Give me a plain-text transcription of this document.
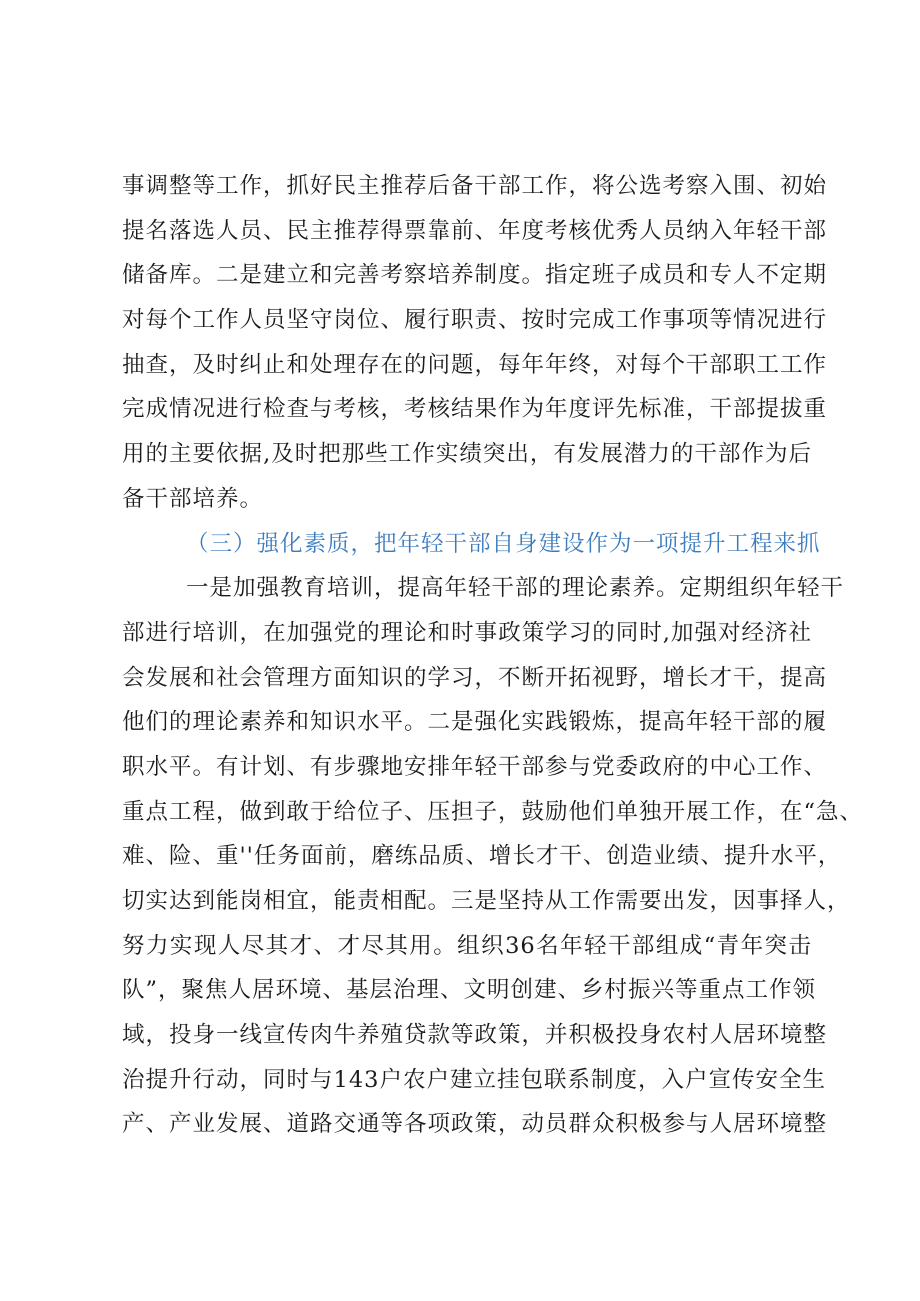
事调整等工作，抓好民主推荐后备干部工作，将公选考察入围、初始
提名落选人员、民主推荐得票靠前、年度考核优秀人员纳入年轻干部
储备库。二是建立和完善考察培养制度。指定班子成员和专人不定期
对每个工作人员坚守岗位、履行职责、按时完成工作事项等情况进行
抽查，及时纠止和处理存在的问题，每年年终，对每个干部职工工作
完成情况进行检查与考核，考核结果作为年度评先标准，干部提拔重
用的主要依据,及时把那些工作实绩突出，有发展潜力的干部作为后
备干部培养。
（三）强化素质，把年轻干部自身建设作为一项提升工程来抓
一是加强教育培训，提高年轻干部的理论素养。定期组织年轻干
部进行培训，在加强党的理论和时事政策学习的同时,加强对经济社
会发展和社会管理方面知识的学习，不断开拓视野，增长才干，提高
他们的理论素养和知识水平。二是强化实践锻炼，提高年轻干部的履
职水平。有计划、有步骤地安排年轻干部参与党委政府的中心工作、
重点工程，做到敢于给位子、压担子，鼓励他们单独开展工作，在“急、
难、险、重''任务面前，磨练品质、增长才干、创造业绩、提升水平，
切实达到能岗相宜，能责相配。三是坚持从工作需要出发，因事择人，
努力实现人尽其才、才尽其用。组织36名年轻干部组成“青年突击
队”，聚焦人居环境、基层治理、文明创建、乡村振兴等重点工作领
域，投身一线宣传肉牛养殖贷款等政策，并积极投身农村人居环境整
治提升行动，同时与143户农户建立挂包联系制度，入户宣传安全生
产、产业发展、道路交通等各项政策，动员群众积极参与人居环境整
